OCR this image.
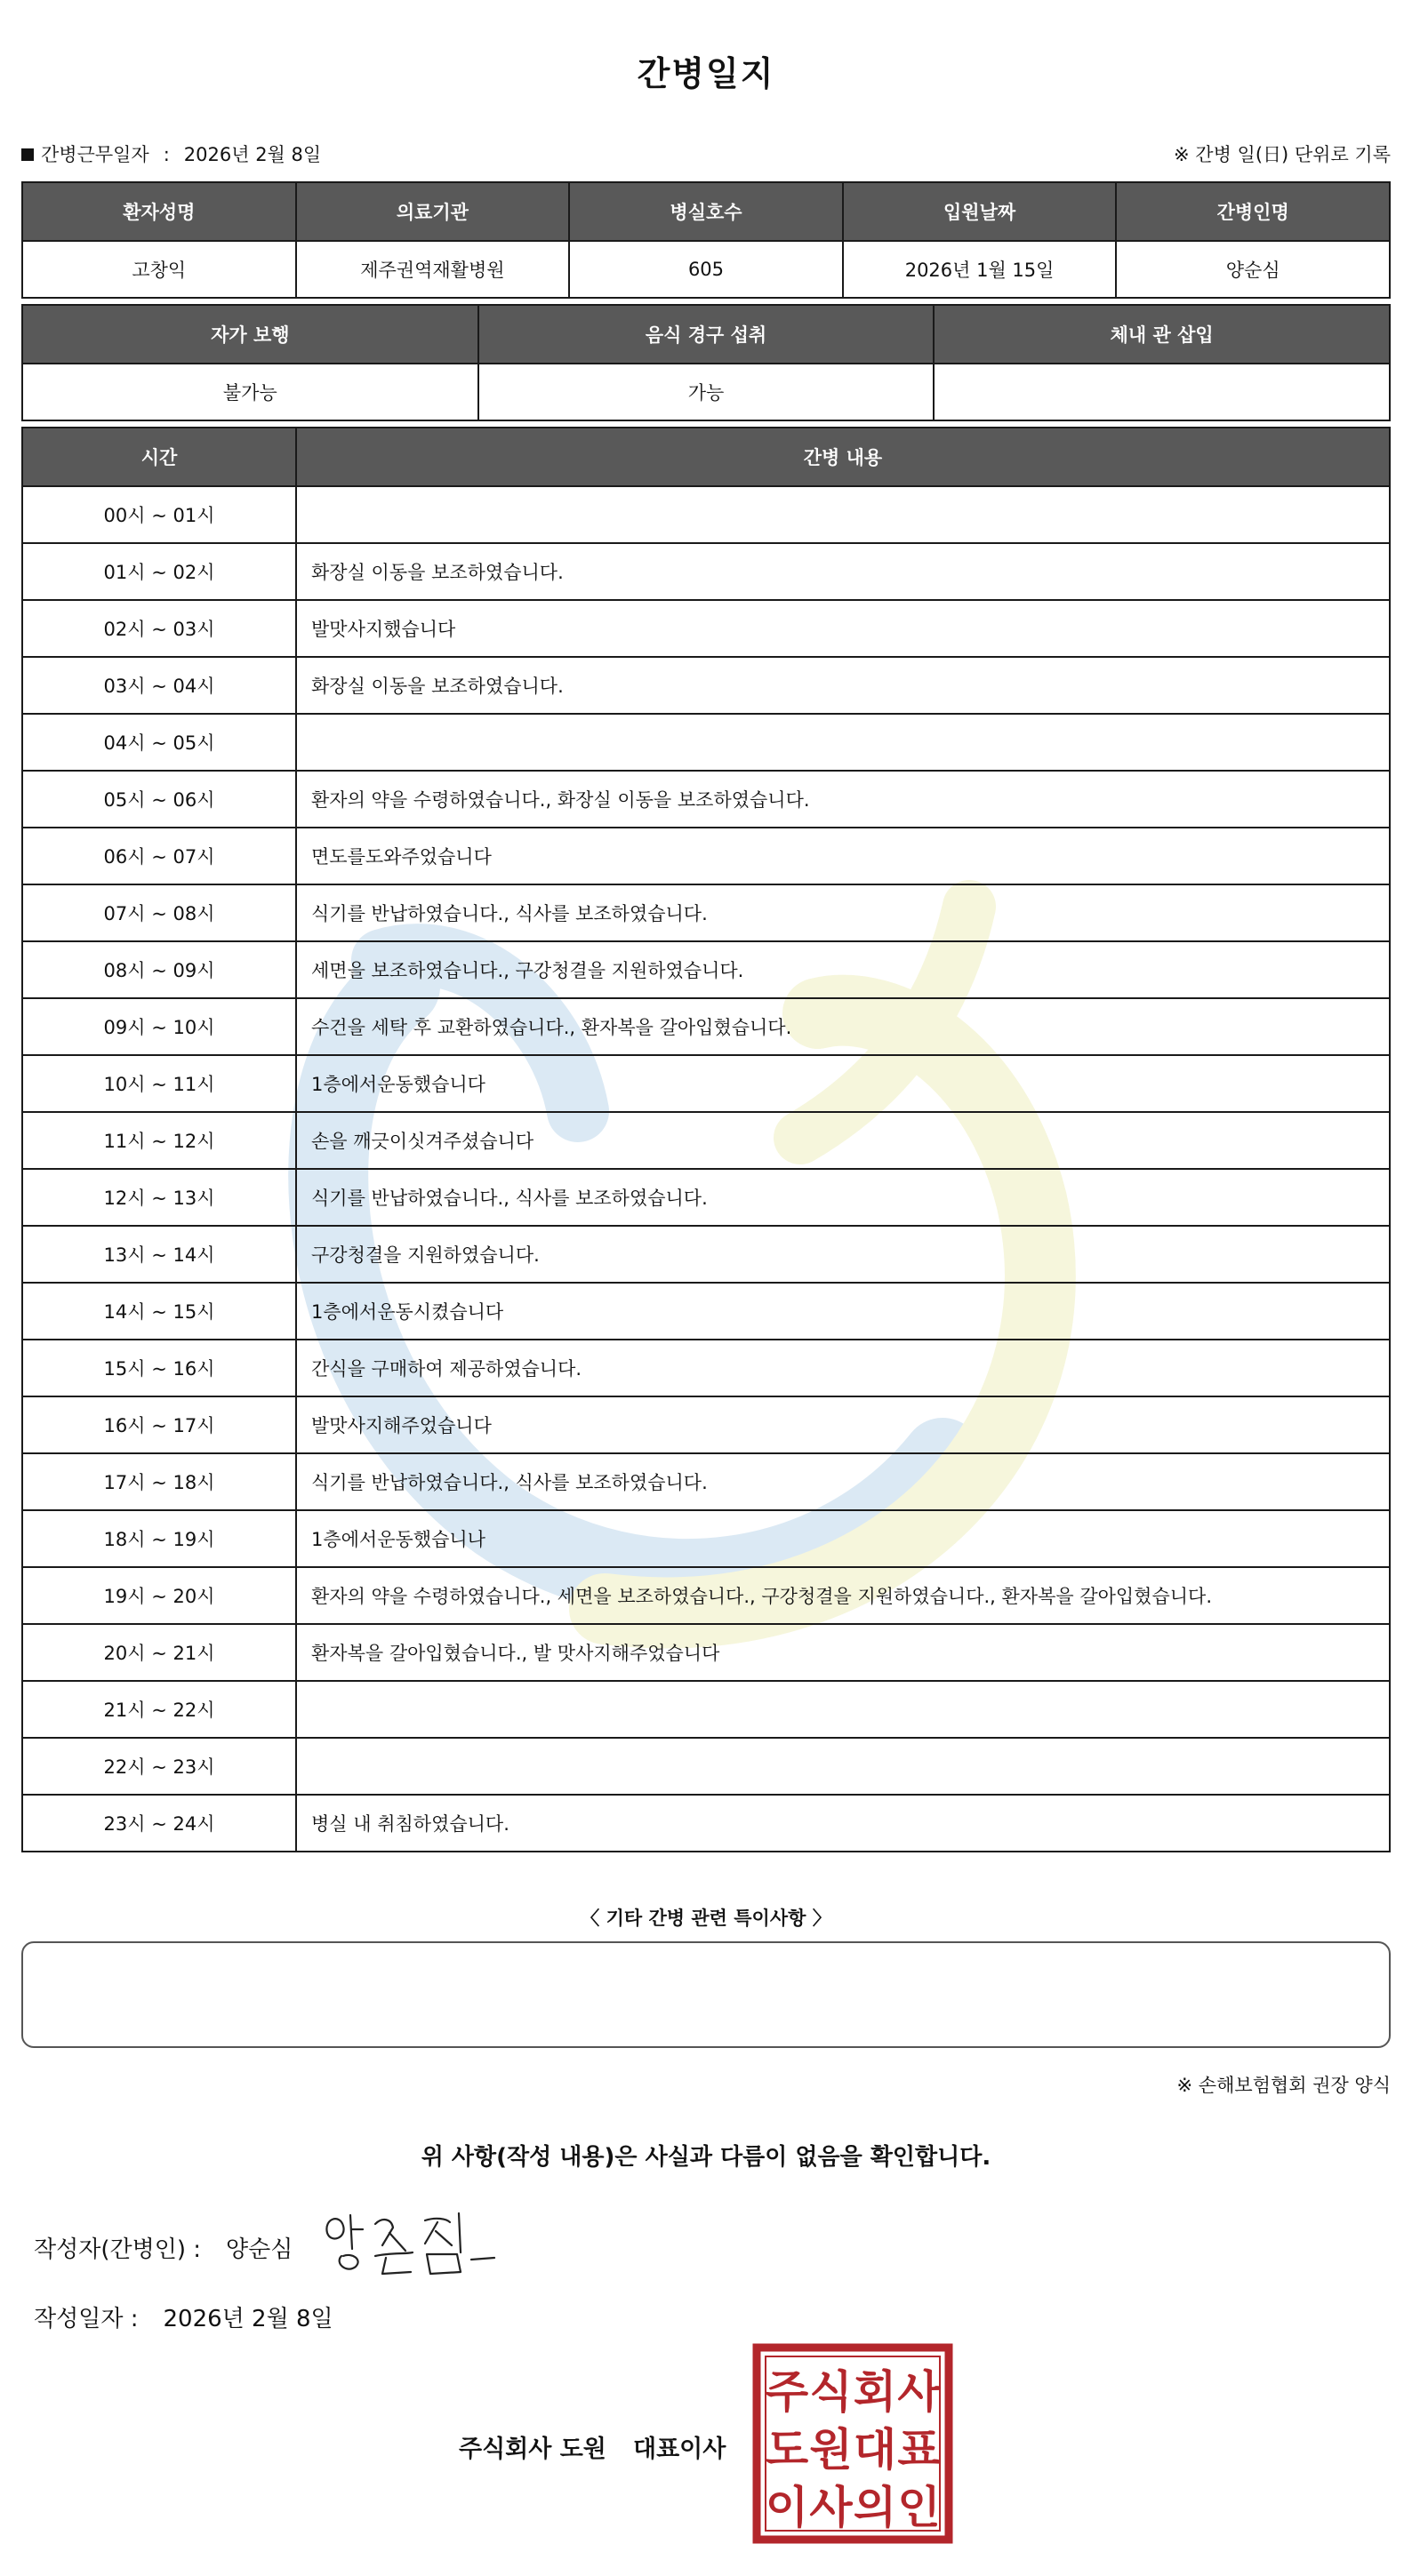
간병일지
간병근무일자 : 2026년 2월 8일	※ 간병 일(日) 단위로 기록
환자성명	의료기관	병실호수	입원날짜	간병인명
고창익	제주권역재활병원	605	2026년 1월 15일	양순심
자가 보행	음식 경구 섭취	체내 관 삽입
불가능	가능	
시간	간병 내용
00시 ~ 01시	
01시 ~ 02시	화장실 이동을 보조하였습니다.
02시 ~ 03시	발맛사지했습니다
03시 ~ 04시	화장실 이동을 보조하였습니다.
04시 ~ 05시	
05시 ~ 06시	환자의 약을 수령하였습니다., 화장실 이동을 보조하였습니다.
06시 ~ 07시	면도를도와주었습니다
07시 ~ 08시	식기를 반납하였습니다., 식사를 보조하였습니다.
08시 ~ 09시	세면을 보조하였습니다., 구강청결을 지원하였습니다.
09시 ~ 10시	수건을 세탁 후 교환하였습니다., 환자복을 갈아입혔습니다.
10시 ~ 11시	1층에서운동했습니다
11시 ~ 12시	손을 깨긋이싯겨주셨습니다
12시 ~ 13시	식기를 반납하였습니다., 식사를 보조하였습니다.
13시 ~ 14시	구강청결을 지원하였습니다.
14시 ~ 15시	1층에서운동시켰습니다
15시 ~ 16시	간식을 구매하여 제공하였습니다.
16시 ~ 17시	발맛사지해주었습니다
17시 ~ 18시	식기를 반납하였습니다., 식사를 보조하였습니다.
18시 ~ 19시	1층에서운동했습니나
19시 ~ 20시	환자의 약을 수령하였습니다., 세면을 보조하였습니다., 구강청결을 지원하였습니다., 환자복을 갈아입혔습니다.
20시 ~ 21시	환자복을 갈아입혔습니다., 발 맛사지해주었습니다
21시 ~ 22시	
22시 ~ 23시	
23시 ~ 24시	병실 내 취침하였습니다.
〈 기타 간병 관련 특이사항 〉
※ 손해보험협회 권장 양식
위 사항(작성 내용)은 사실과 다름이 없음을 확인합니다.
작성자(간병인) : 양순심
작성일자 : 2026년 2월 8일
주식회사 도원 대표이사
주 식 회 사
도 원 대 표
이 사 의 인
